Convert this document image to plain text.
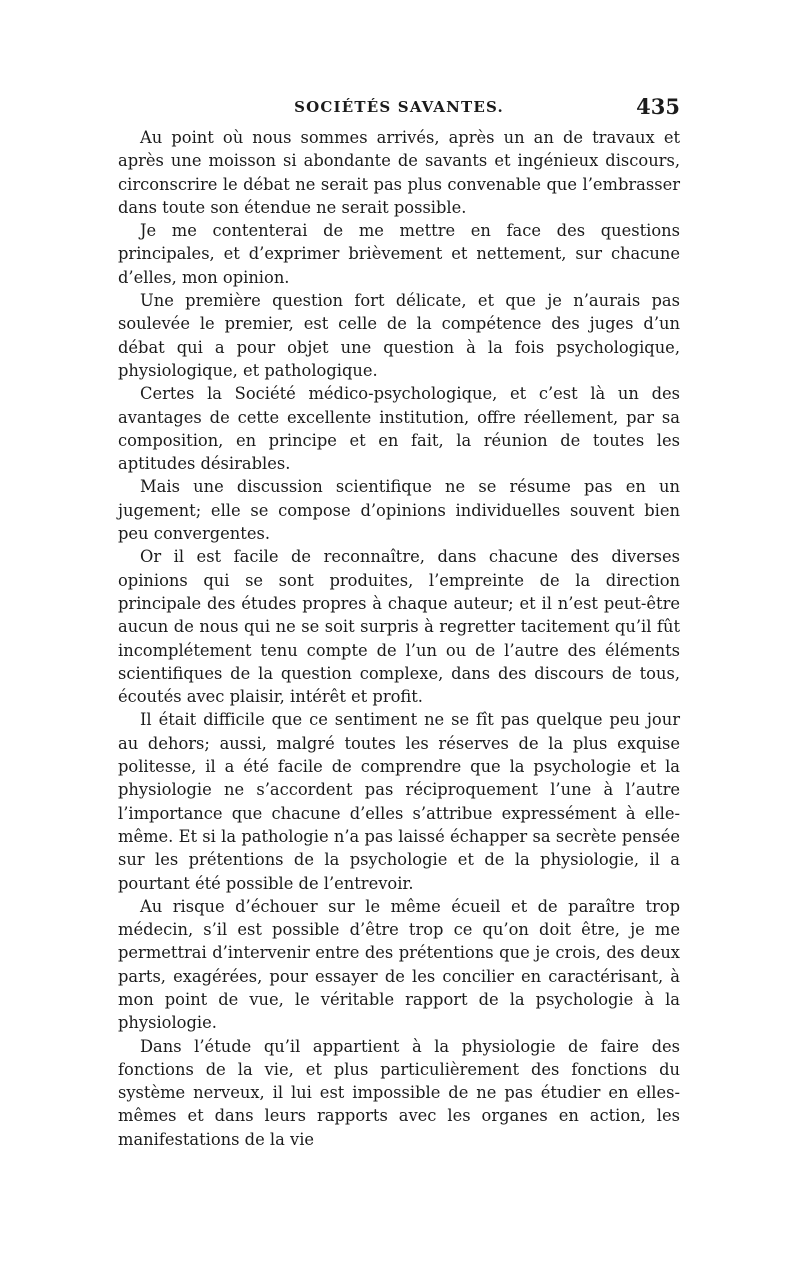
SOCIÉTÉS SAVANTES.	435

Au point où nous sommes arrivés, après un an de travaux et après une moisson si abondante de savants et ingénieux discours, circonscrire le débat ne serait pas plus convenable que l’embrasser dans toute son étendue ne serait possible.

Je me contenterai de me mettre en face des questions principales, et d’exprimer brièvement et nettement, sur chacune d’elles, mon opinion.

Une première question fort délicate, et que je n’aurais pas soulevée le premier, est celle de la compétence des juges d’un débat qui a pour objet une question à la fois psychologique, physiologique, et pathologique.

Certes la Société médico-psychologique, et c’est là un des avantages de cette excellente institution, offre réellement, par sa composition, en principe et en fait, la réunion de toutes les aptitudes désirables.

Mais une discussion scientifique ne se résume pas en un jugement; elle se compose d’opinions individuelles souvent bien peu convergentes.

Or il est facile de reconnaître, dans chacune des diverses opinions qui se sont produites, l’empreinte de la direction principale des études propres à chaque auteur; et il n’est peut-être aucun de nous qui ne se soit surpris à regretter tacitement qu’il fût incomplétement tenu compte de l’un ou de l’autre des éléments scientifiques de la question complexe, dans des discours de tous, écoutés avec plaisir, intérêt et profit.

Il était difficile que ce sentiment ne se fît pas quelque peu jour au dehors; aussi, malgré toutes les réserves de la plus exquise politesse, il a été facile de comprendre que la psychologie et la physiologie ne s’accordent pas réciproquement l’une à l’autre l’importance que chacune d’elles s’attribue expressément à elle-même. Et si la pathologie n’a pas laissé échapper sa secrète pensée sur les prétentions de la psychologie et de la physiologie, il a pourtant été possible de l’entrevoir.

Au risque d’échouer sur le même écueil et de paraître trop médecin, s’il est possible d’être trop ce qu’on doit être, je me permettrai d’intervenir entre des prétentions que je crois, des deux parts, exagérées, pour essayer de les concilier en caractérisant, à mon point de vue, le véritable rapport de la psychologie à la physiologie.

Dans l’étude qu’il appartient à la physiologie de faire des fonctions de la vie, et plus particulièrement des fonctions du système nerveux, il lui est impossible de ne pas étudier en elles-mêmes et dans leurs rapports avec les organes en action, les manifestations de la vie
